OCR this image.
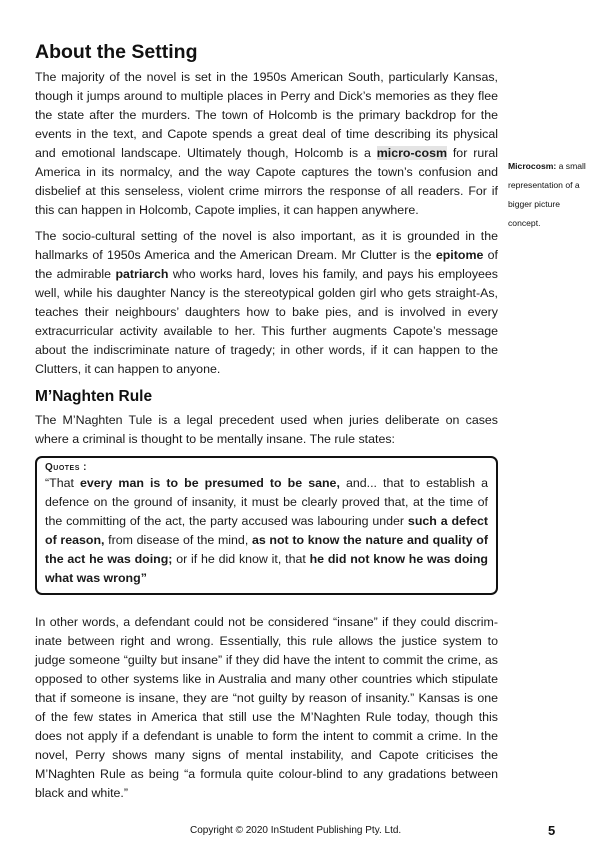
About the Setting

The majority of the novel is set in the 1950s American South, particularly Kansas, though it jumps around to multiple places in Perry and Dick’s memories as they flee the state after the murders. The town of Holcomb is the primary backdrop for the events in the text, and Capote spends a great deal of time describing its physical and emotional landscape. Ultimately though, Holcomb is a micro-cosm for rural America in its normalcy, and the way Capote captures the town’s confusion and disbelief at this senseless, violent crime mirrors the response of all readers. For if this can happen in Holcomb, Capote implies, it can happen anywhere.

The socio-cultural setting of the novel is also important, as it is grounded in the hallmarks of 1950s America and the American Dream. Mr Clutter is the epitome of the admirable patriarch who works hard, loves his family, and pays his employees well, while his daughter Nancy is the stereotypical golden girl who gets straight-As, teaches their neighbours’ daughters how to bake pies, and is involved in every extracurricular activity available to her. This further augments Capote’s message about the indiscriminate nature of tragedy; in other words, if it can happen to the Clutters, it can happen to anyone.

M’Naghten Rule

The M’Naghten Tule is a legal precedent used when juries deliberate on cases where a criminal is thought to be mentally insane. The rule states:

Quotes :

“That every man is to be presumed to be sane, and... that to establish a defence on the ground of insanity, it must be clearly proved that, at the time of the committing of the act, the party accused was labouring under such a defect of reason, from disease of the mind, as not to know the nature and quality of the act he was doing; or if he did know it, that he did not know he was doing what was wrong”

In other words, a defendant could not be considered “insane” if they could discriminate between right and wrong. Essentially, this rule allows the justice system to judge someone “guilty but insane” if they did have the intent to commit the crime, as opposed to other systems like in Australia and many other countries which stipulate that if someone is insane, they are “not guilty by reason of insanity.” Kansas is one of the few states in America that still use the M’Naghten Rule today, though this does not apply if a defendant is unable to form the intent to commit a crime. In the novel, Perry shows many signs of mental instability, and Capote criticises the M’Naghten Rule as being “a formula quite colour-blind to any gradations between black and white.”

Microcosm: a small representation of a bigger picture concept.
Copyright © 2020 InStudent Publishing Pty. Ltd.	5
